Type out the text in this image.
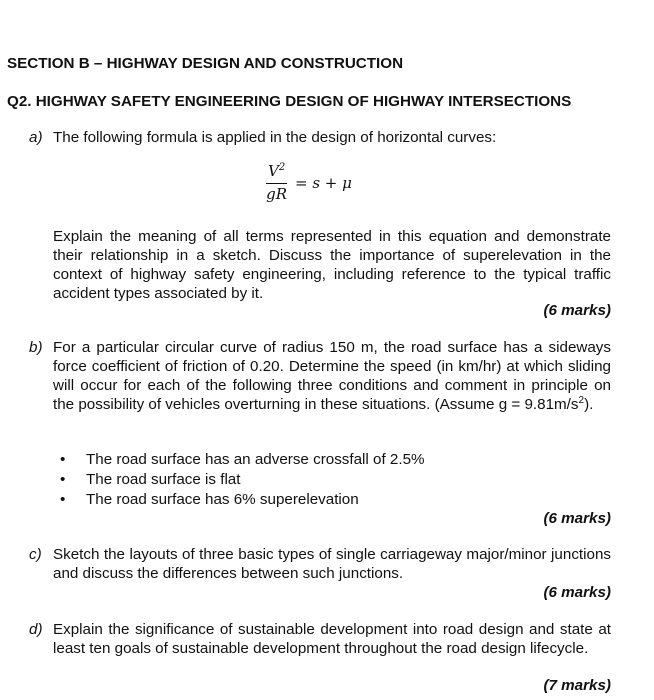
SECTION B – HIGHWAY DESIGN AND CONSTRUCTION
Q2. HIGHWAY SAFETY ENGINEERING DESIGN OF HIGHWAY INTERSECTIONS
a) The following formula is applied in the design of horizontal curves:
$\frac{V^2}{gR} = s + \mu$
Explain the meaning of all terms represented in this equation and demonstrate their relationship in a sketch. Discuss the importance of superelevation in the context of highway safety engineering, including reference to the typical traffic accident types associated by it.
(6 marks)
b) For a particular circular curve of radius 150 m, the road surface has a sideways force coefficient of friction of 0.20. Determine the speed (in km/hr) at which sliding will occur for each of the following three conditions and comment in principle on the possibility of vehicles overturning in these situations. (Assume $g = 9.81m/s^2$).
• The road surface has an adverse crossfall of 2.5%
• The road surface is flat
• The road surface has 6% superelevation
(6 marks)
c) Sketch the layouts of three basic types of single carriageway major/minor junctions and discuss the differences between such junctions.
(6 marks)
d) Explain the significance of sustainable development into road design and state at least ten goals of sustainable development throughout the road design lifecycle.
(7 marks)
